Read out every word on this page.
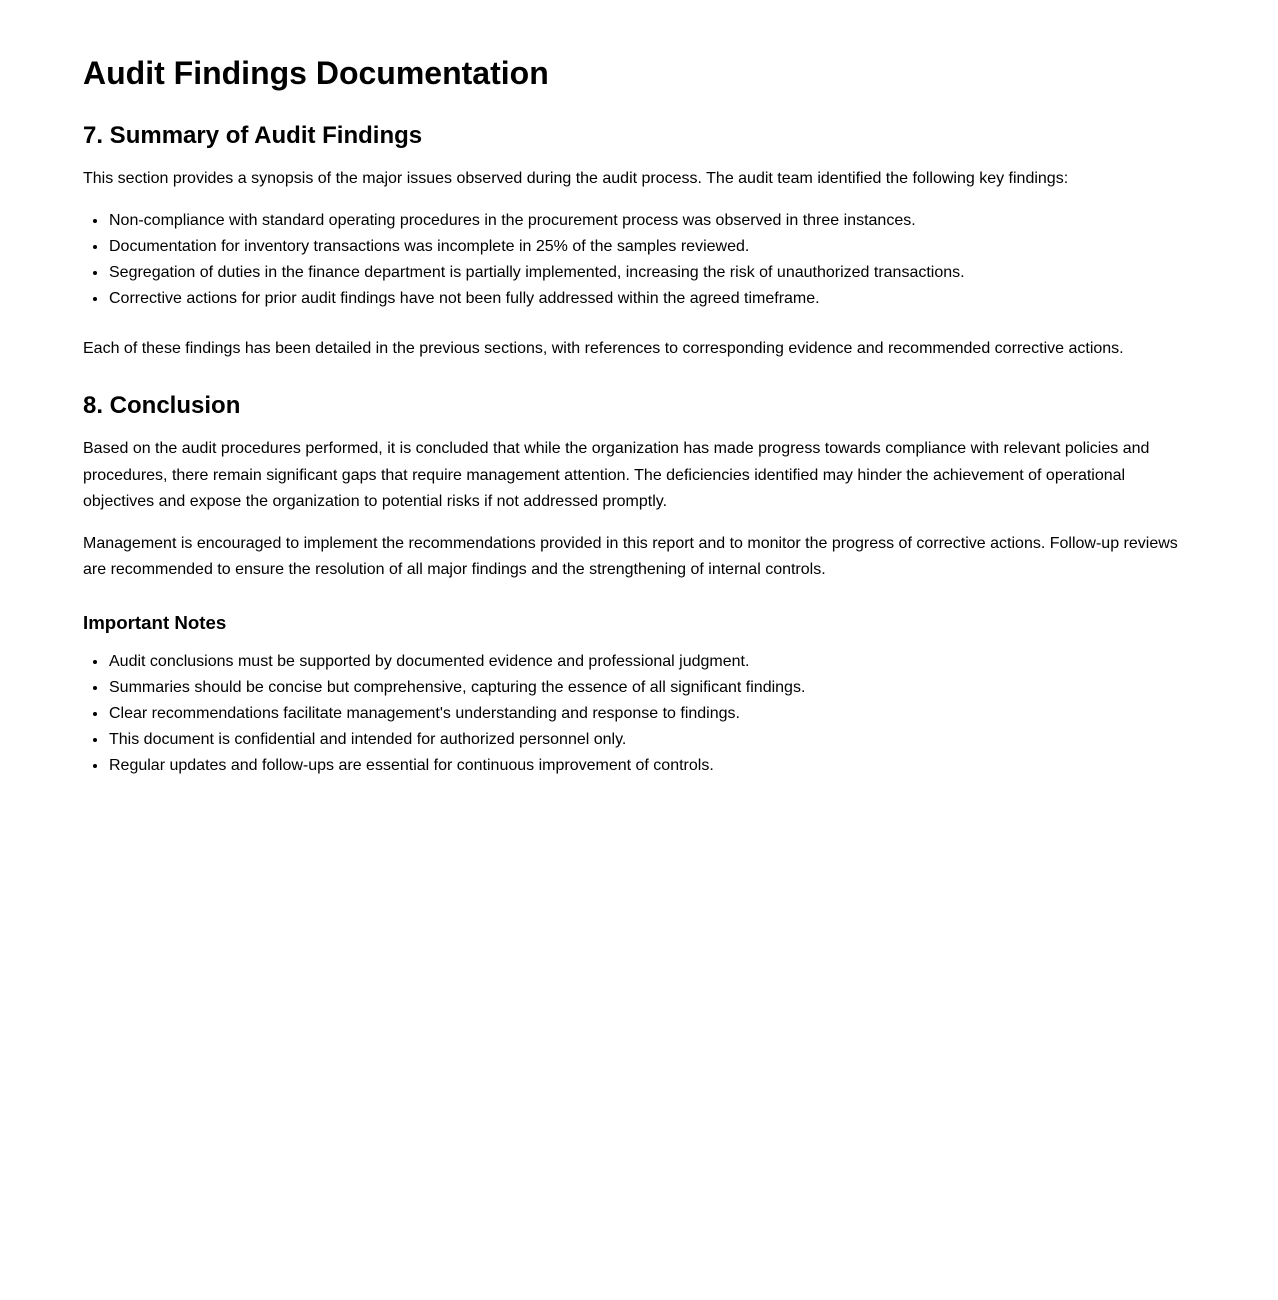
Audit Findings Documentation
7. Summary of Audit Findings

This section provides a synopsis of the major issues observed during the audit process. The audit team identified the following key findings:

• Non-compliance with standard operating procedures in the procurement process was observed in three instances.
• Documentation for inventory transactions was incomplete in 25% of the samples reviewed.
• Segregation of duties in the finance department is partially implemented, increasing the risk of unauthorized transactions.
• Corrective actions for prior audit findings have not been fully addressed within the agreed timeframe.

Each of these findings has been detailed in the previous sections, with references to corresponding evidence and recommended corrective actions.

8. Conclusion

Based on the audit procedures performed, it is concluded that while the organization has made progress towards compliance with relevant policies and procedures, there remain significant gaps that require management attention. The deficiencies identified may hinder the achievement of operational objectives and expose the organization to potential risks if not addressed promptly.

Management is encouraged to implement the recommendations provided in this report and to monitor the progress of corrective actions. Follow-up reviews are recommended to ensure the resolution of all major findings and the strengthening of internal controls.

Important Notes
• Audit conclusions must be supported by documented evidence and professional judgment.
• Summaries should be concise but comprehensive, capturing the essence of all significant findings.
• Clear recommendations facilitate management's understanding and response to findings.
• This document is confidential and intended for authorized personnel only.
• Regular updates and follow-ups are essential for continuous improvement of controls.
